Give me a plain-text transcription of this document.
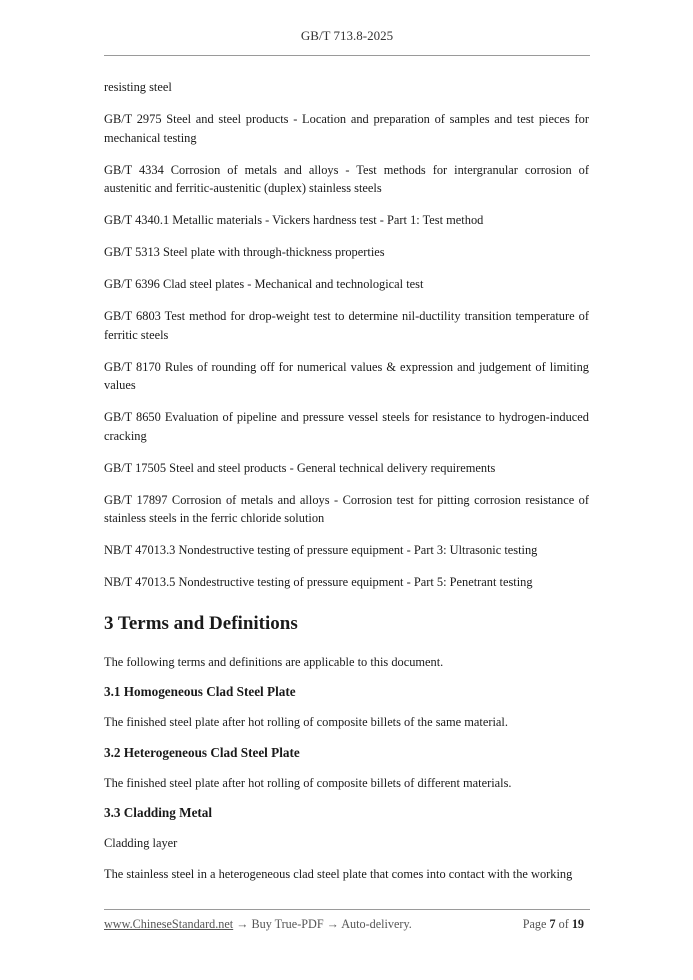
GB/T 713.8-2025

resisting steel

GB/T 2975 Steel and steel products - Location and preparation of samples and test pieces for mechanical testing

GB/T 4334 Corrosion of metals and alloys - Test methods for intergranular corrosion of austenitic and ferritic-austenitic (duplex) stainless steels

GB/T 4340.1 Metallic materials - Vickers hardness test - Part 1: Test method

GB/T 5313 Steel plate with through-thickness properties

GB/T 6396 Clad steel plates - Mechanical and technological test

GB/T 6803 Test method for drop-weight test to determine nil-ductility transition temperature of ferritic steels

GB/T 8170 Rules of rounding off for numerical values & expression and judgement of limiting values

GB/T 8650 Evaluation of pipeline and pressure vessel steels for resistance to hydrogen-induced cracking

GB/T 17505 Steel and steel products - General technical delivery requirements

GB/T 17897 Corrosion of metals and alloys - Corrosion test for pitting corrosion resistance of stainless steels in the ferric chloride solution

NB/T 47013.3 Nondestructive testing of pressure equipment - Part 3: Ultrasonic testing

NB/T 47013.5 Nondestructive testing of pressure equipment - Part 5: Penetrant testing

3 Terms and Definitions

The following terms and definitions are applicable to this document.

3.1 Homogeneous Clad Steel Plate

The finished steel plate after hot rolling of composite billets of the same material.

3.2 Heterogeneous Clad Steel Plate

The finished steel plate after hot rolling of composite billets of different materials.

3.3 Cladding Metal

Cladding layer

The stainless steel in a heterogeneous clad steel plate that comes into contact with the working

www.ChineseStandard.net → Buy True-PDF → Auto-delivery.	Page 7 of 19
